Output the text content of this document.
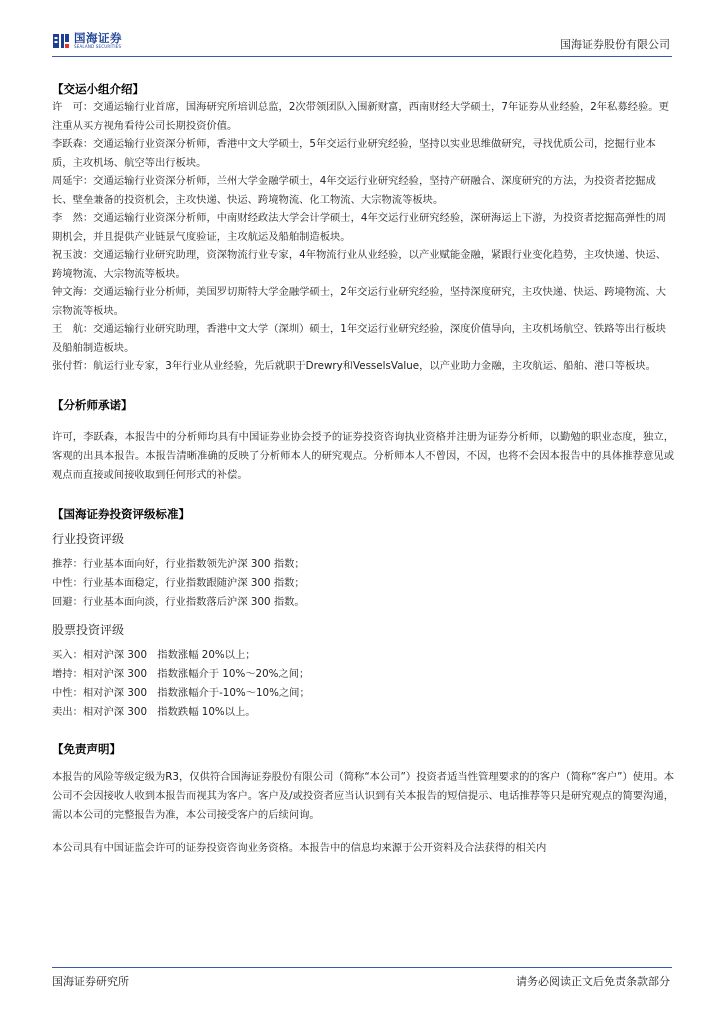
国海证券
SEALAND SECURITIES	国海证券股份有限公司
【交运小组介绍】
许　可：交通运输行业首席，国海研究所培训总监，2次带领团队入围新财富，西南财经大学硕士，7年证券从业经验，2年私募经验。更注重从买方视角看待公司长期投资价值。
李跃森：交通运输行业资深分析师，香港中文大学硕士，5年交运行业研究经验，坚持以实业思维做研究，寻找优质公司，挖掘行业本质，主攻机场、航空等出行板块。
周延宇：交通运输行业资深分析师，兰州大学金融学硕士，4年交运行业研究经验，坚持产研融合、深度研究的方法，为投资者挖掘成长、壁垒兼备的投资机会，主攻快递、快运、跨境物流、化工物流、大宗物流等板块。
李　然：交通运输行业资深分析师，中南财经政法大学会计学硕士，4年交运行业研究经验，深研海运上下游，为投资者挖掘高弹性的周期机会，并且提供产业链景气度验证，主攻航运及船舶制造板块。
祝玉波：交通运输行业研究助理，资深物流行业专家，4年物流行业从业经验，以产业赋能金融，紧跟行业变化趋势，主攻快递、快运、跨境物流、大宗物流等板块。
钟文海：交通运输行业分析师，美国罗切斯特大学金融学硕士，2年交运行业研究经验，坚持深度研究，主攻快递、快运、跨境物流、大宗物流等板块。
王　航：交通运输行业研究助理，香港中文大学（深圳）硕士，1年交运行业研究经验，深度价值导向，主攻机场航空、铁路等出行板块及船舶制造板块。
张付哲：航运行业专家，3年行业从业经验，先后就职于Drewry和VesselsValue，以产业助力金融，主攻航运、船舶、港口等板块。
【分析师承诺】
许可，李跃森，本报告中的分析师均具有中国证券业协会授予的证券投资咨询执业资格并注册为证券分析师，以勤勉的职业态度，独立，客观的出具本报告。本报告清晰准确的反映了分析师本人的研究观点。分析师本人不曾因，不因，也将不会因本报告中的具体推荐意见或观点而直接或间接收取到任何形式的补偿。
【国海证券投资评级标准】
行业投资评级
推荐：行业基本面向好，行业指数领先沪深 300 指数；
中性：行业基本面稳定，行业指数跟随沪深 300 指数；
回避：行业基本面向淡，行业指数落后沪深 300 指数。
股票投资评级
买入：相对沪深 300　指数涨幅 20%以上；
增持：相对沪深 300　指数涨幅介于 10%～20%之间；
中性：相对沪深 300　指数涨幅介于-10%～10%之间；
卖出：相对沪深 300　指数跌幅 10%以上。
【免责声明】
本报告的风险等级定级为R3，仅供符合国海证券股份有限公司（简称“本公司”）投资者适当性管理要求的的客户（简称“客户”）使用。本公司不会因接收人收到本报告而视其为客户。客户及/或投资者应当认识到有关本报告的短信提示、电话推荐等只是研究观点的简要沟通，需以本公司的完整报告为准，本公司接受客户的后续问询。
本公司具有中国证监会许可的证券投资咨询业务资格。本报告中的信息均来源于公开资料及合法获得的相关内
国海证券研究所	请务必阅读正文后免责条款部分
